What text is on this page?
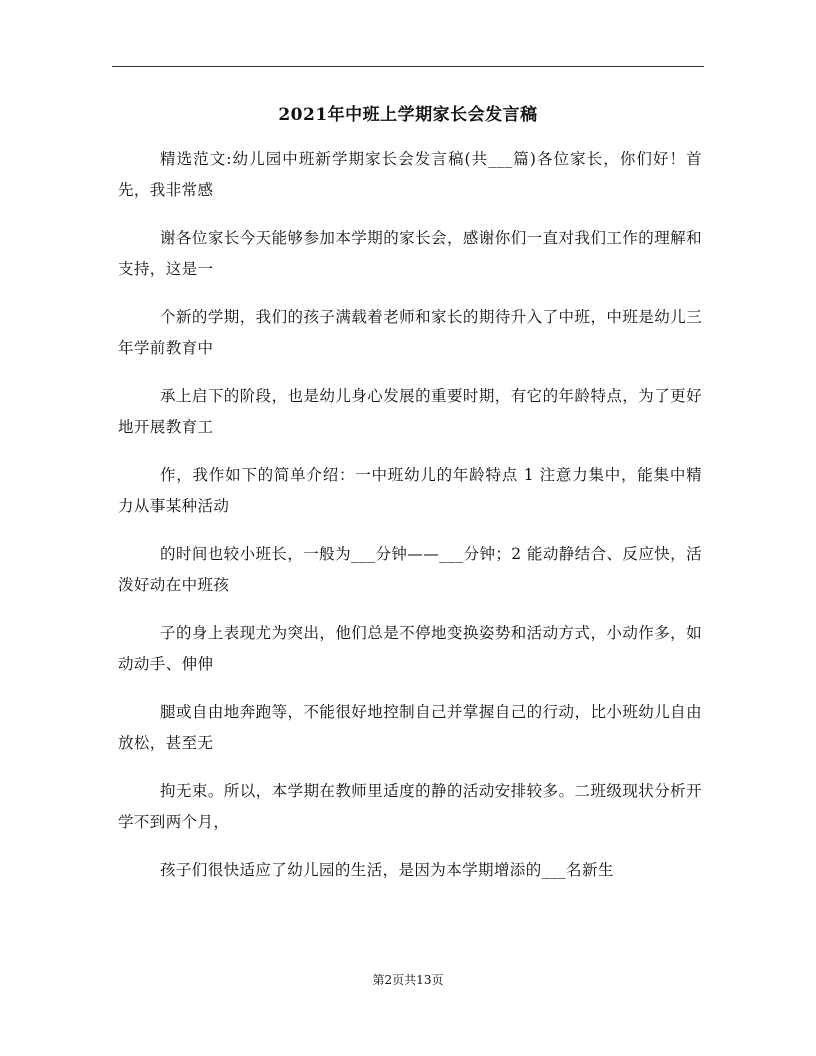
2021年中班上学期家长会发言稿

精选范文:幼儿园中班新学期家长会发言稿(共___篇)各位家长，你们好！首先，我非常感

谢各位家长今天能够参加本学期的家长会，感谢你们一直对我们工作的理解和支持，这是一

个新的学期，我们的孩子满载着老师和家长的期待升入了中班，中班是幼儿三年学前教育中

承上启下的阶段，也是幼儿身心发展的重要时期，有它的年龄特点，为了更好地开展教育工

作，我作如下的简单介绍：一中班幼儿的年龄特点 1 注意力集中，能集中精力从事某种活动

的时间也较小班长，一般为___分钟——___分钟；2 能动静结合、反应快，活泼好动在中班孩

子的身上表现尤为突出，他们总是不停地变换姿势和活动方式，小动作多，如动动手、伸伸

腿或自由地奔跑等，不能很好地控制自己并掌握自己的行动，比小班幼儿自由放松，甚至无

拘无束。所以，本学期在教师里适度的静的活动安排较多。二班级现状分析开学不到两个月，

孩子们很快适应了幼儿园的生活，是因为本学期增添的___名新生

第2页共13页
